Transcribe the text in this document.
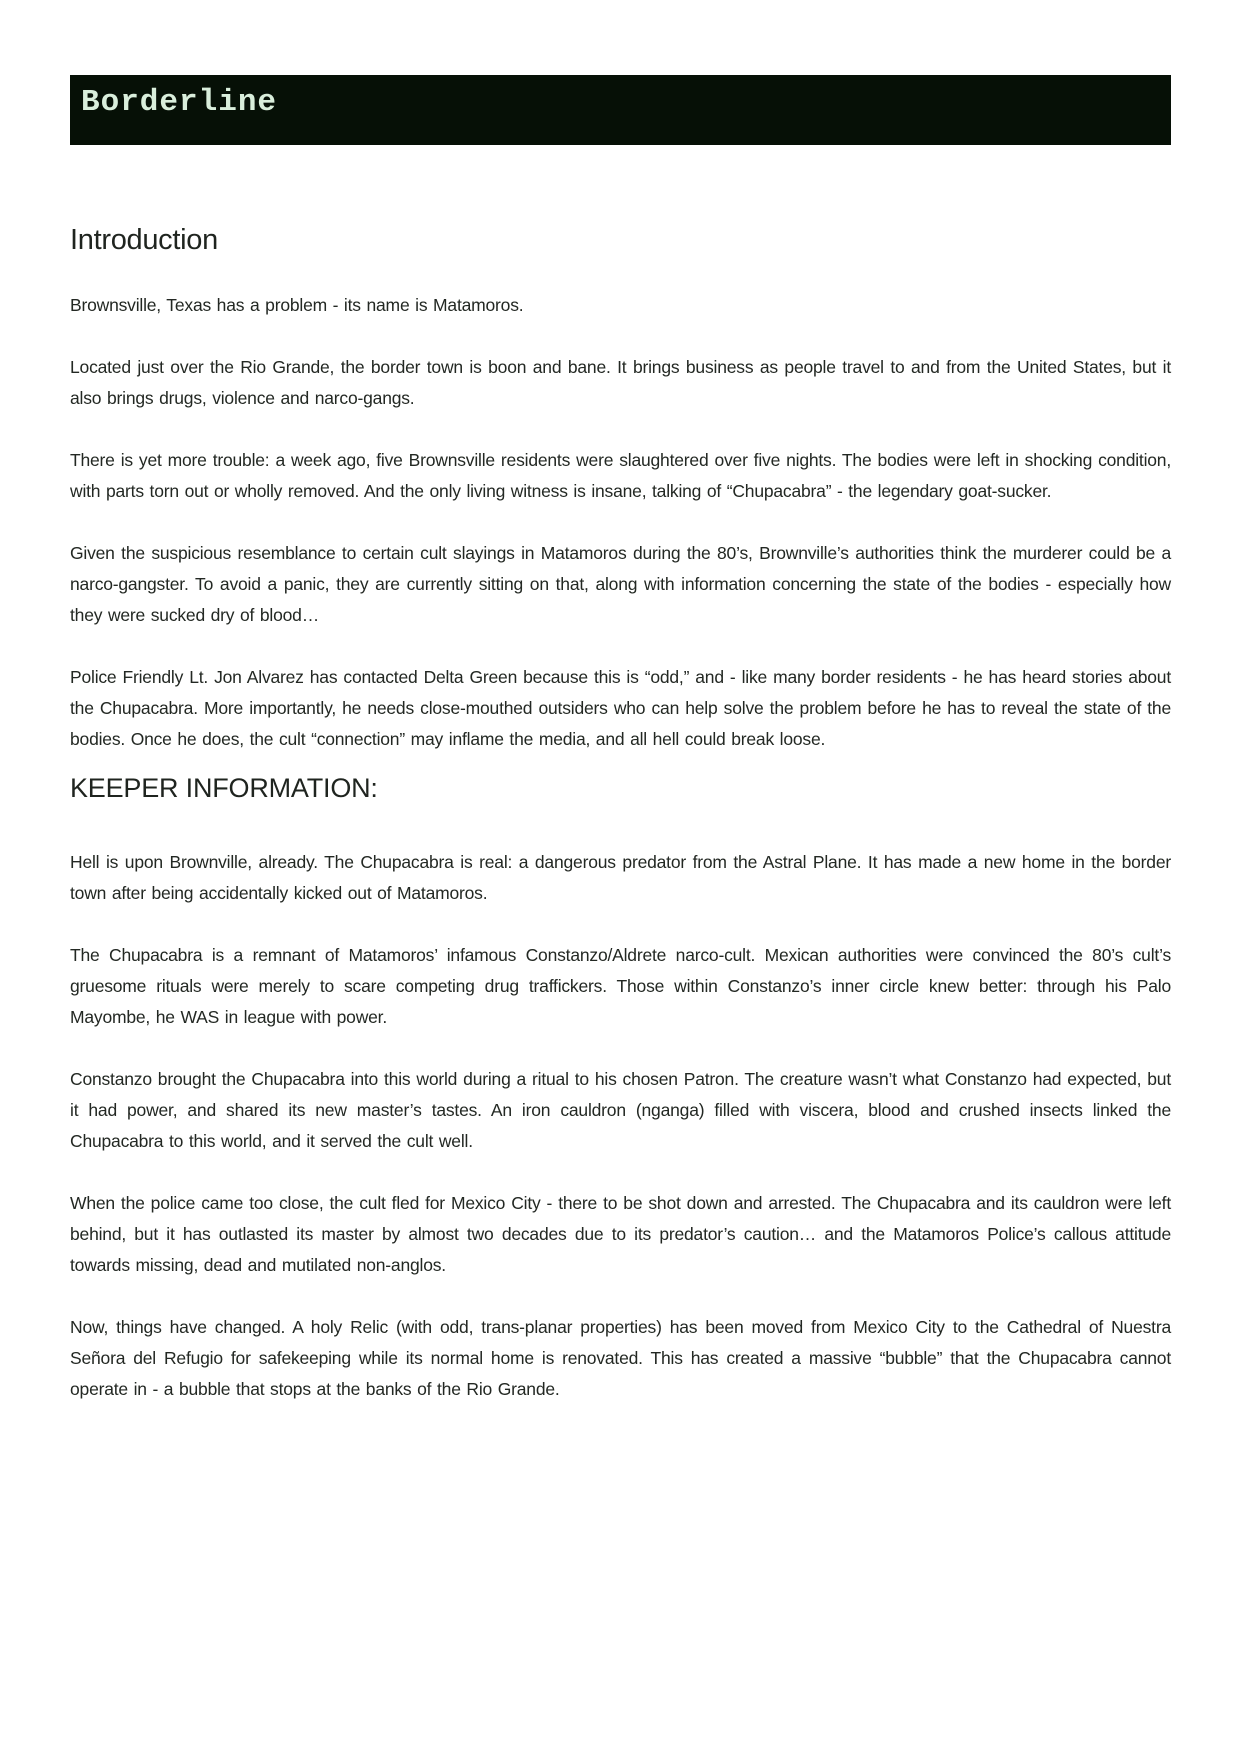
Borderline
Introduction

Brownsville, Texas has a problem - its name is Matamoros.

Located just over the Rio Grande, the border town is boon and bane. It brings business as people travel to and from the United States, but it also brings drugs, violence and narco-gangs.

There is yet more trouble: a week ago, five Brownsville residents were slaughtered over five nights. The bodies were left in shocking condition, with parts torn out or wholly removed. And the only living witness is insane, talking of “Chupacabra” - the legendary goat-sucker.

Given the suspicious resemblance to certain cult slayings in Matamoros during the 80’s, Brownville’s authorities think the murderer could be a narco-gangster. To avoid a panic, they are currently sitting on that, along with information concerning the state of the bodies - especially how they were sucked dry of blood…

Police Friendly Lt. Jon Alvarez has contacted Delta Green because this is “odd,” and - like many border residents - he has heard stories about the Chupacabra. More importantly, he needs close-mouthed outsiders who can help solve the problem before he has to reveal the state of the bodies. Once he does, the cult “connection” may inflame the media, and all hell could break loose.

KEEPER INFORMATION:

Hell is upon Brownville, already. The Chupacabra is real: a dangerous predator from the Astral Plane. It has made a new home in the border town after being accidentally kicked out of Matamoros.

The Chupacabra is a remnant of Matamoros’ infamous Constanzo/Aldrete narco-cult. Mexican authorities were convinced the 80’s cult’s gruesome rituals were merely to scare competing drug traffickers. Those within Constanzo’s inner circle knew better: through his Palo Mayombe, he WAS in league with power.

Constanzo brought the Chupacabra into this world during a ritual to his chosen Patron. The creature wasn’t what Constanzo had expected, but it had power, and shared its new master’s tastes. An iron cauldron (nganga) filled with viscera, blood and crushed insects linked the Chupacabra to this world, and it served the cult well.

When the police came too close, the cult fled for Mexico City - there to be shot down and arrested. The Chupacabra and its cauldron were left behind, but it has outlasted its master by almost two decades due to its predator’s caution… and the Matamoros Police’s callous attitude towards missing, dead and mutilated non-anglos.

Now, things have changed. A holy Relic (with odd, trans-planar properties) has been moved from Mexico City to the Cathedral of Nuestra Señora del Refugio for safekeeping while its normal home is renovated. This has created a massive “bubble” that the Chupacabra cannot operate in - a bubble that stops at the banks of the Rio Grande.
